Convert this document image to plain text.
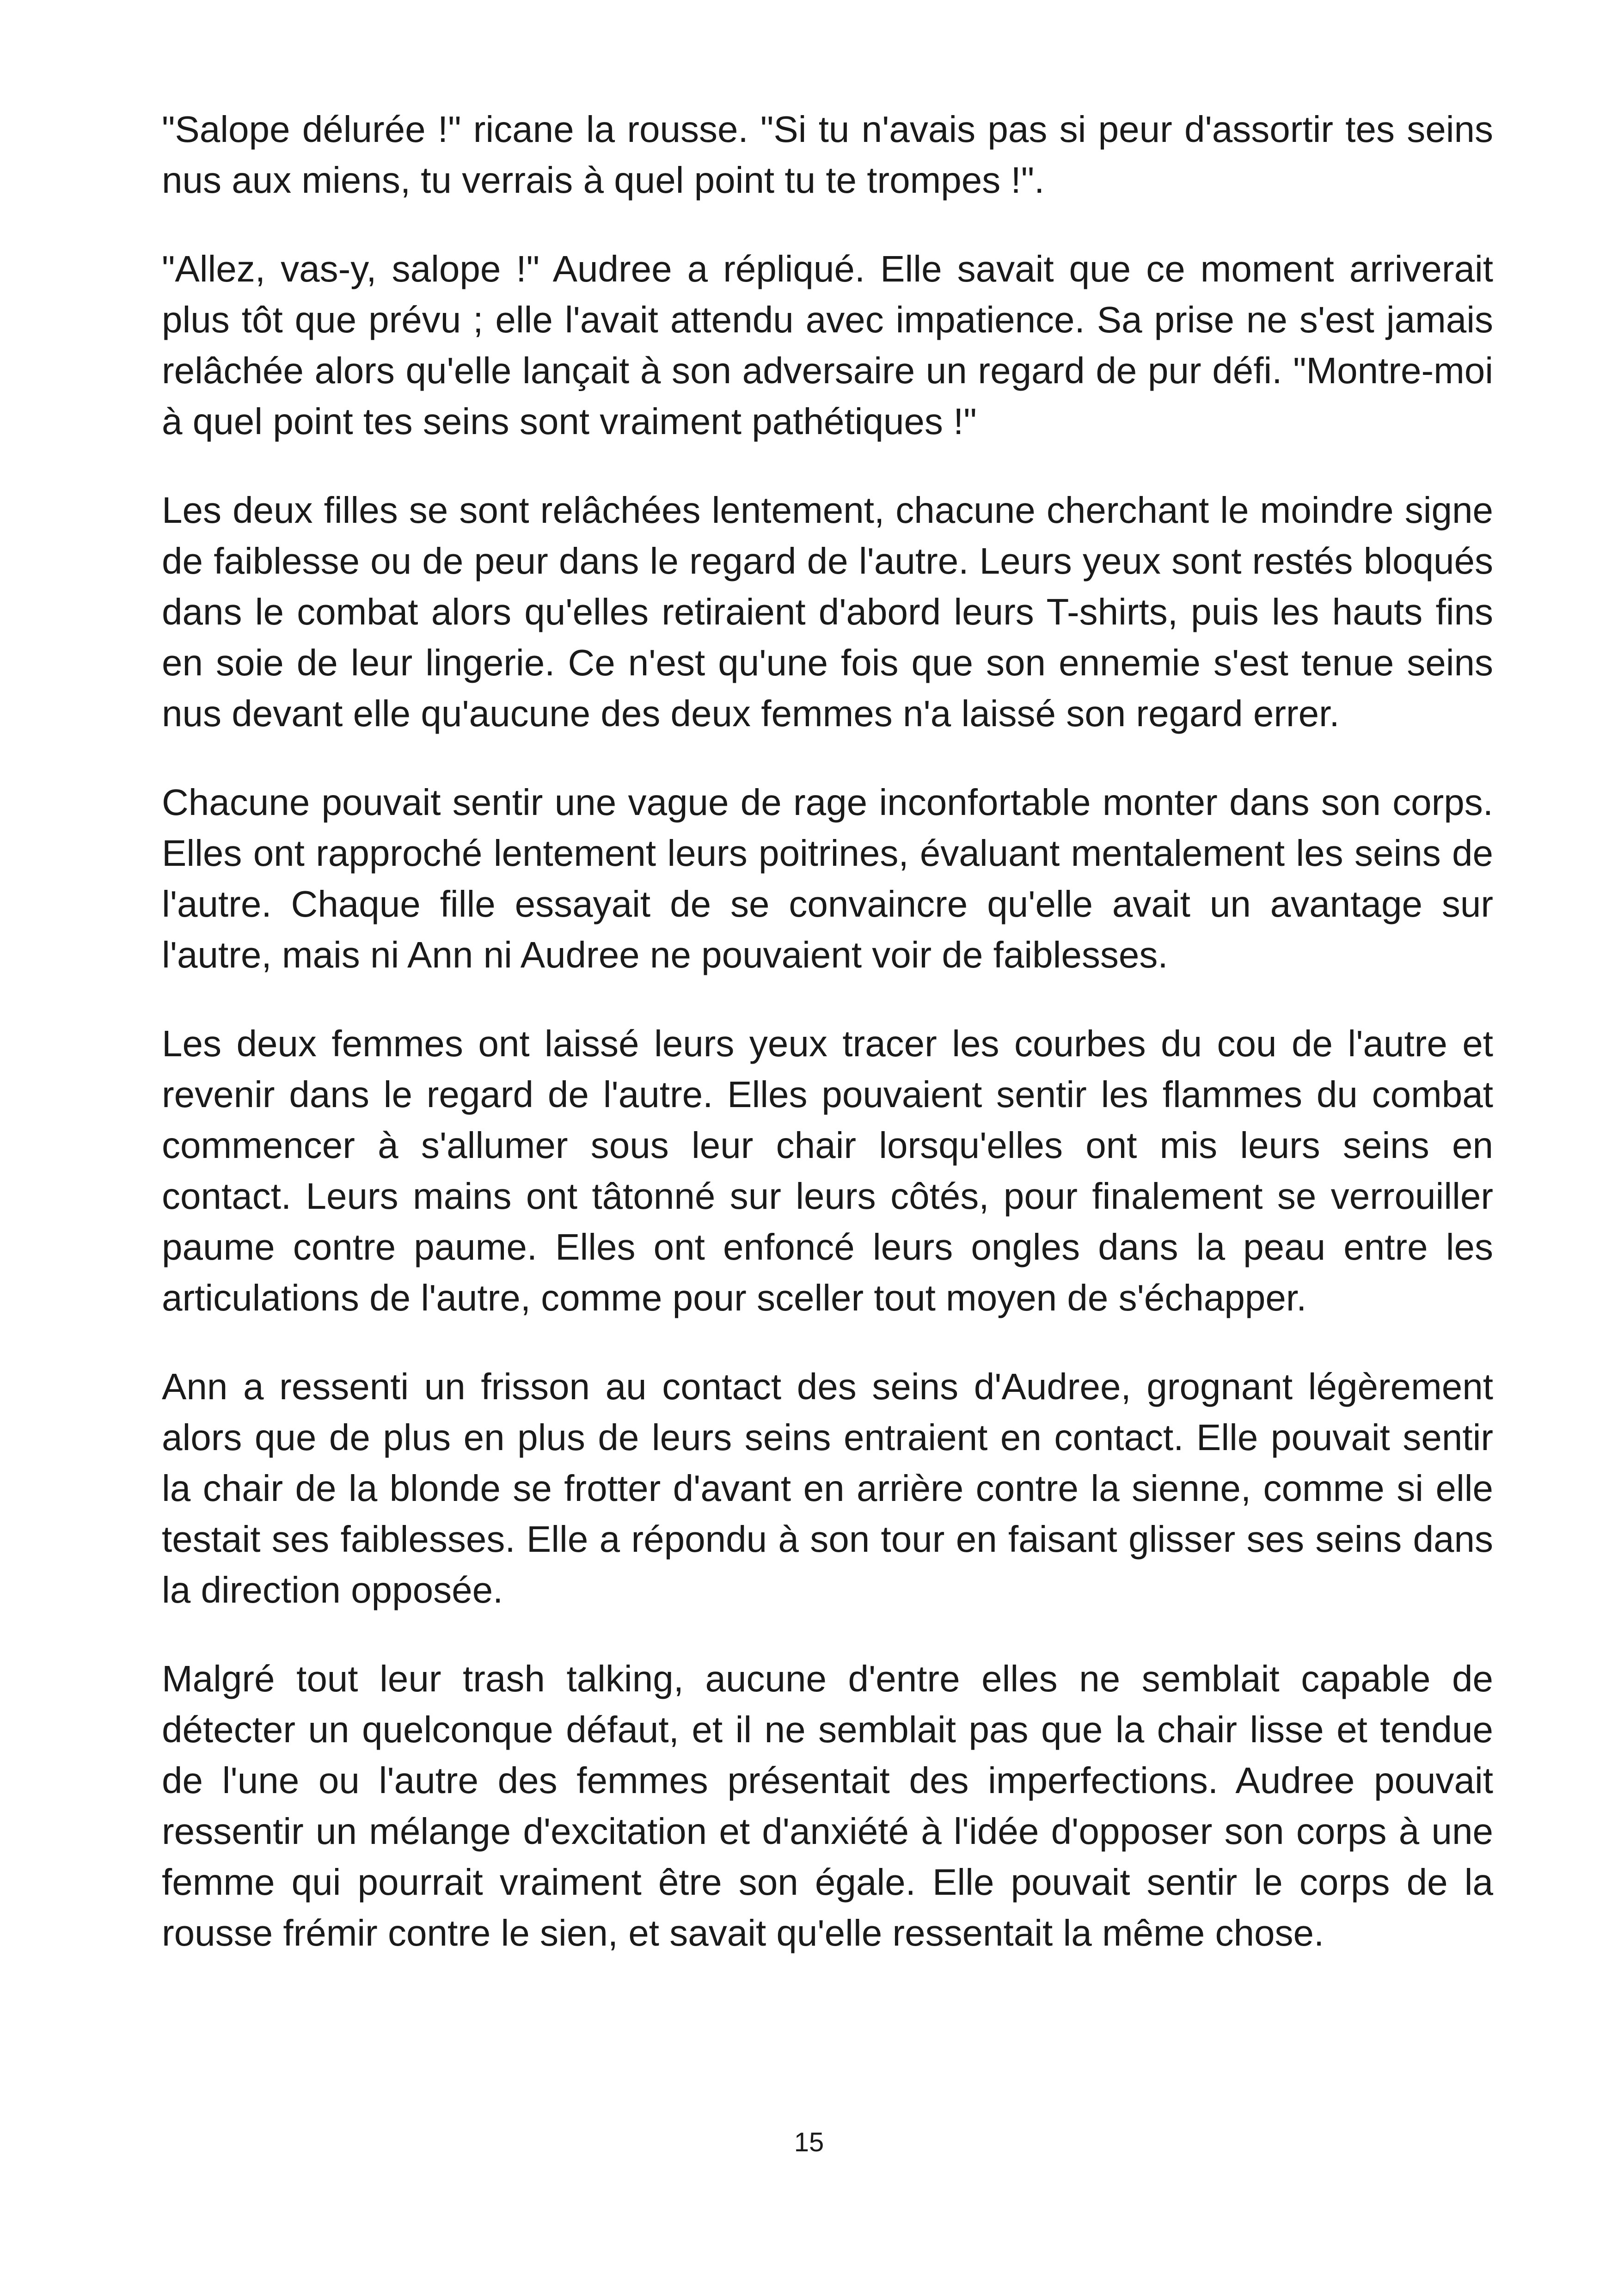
"Salope délurée !" ricane la rousse. "Si tu n'avais pas si peur d'assortir tes seins nus aux miens, tu verrais à quel point tu te trompes !".

"Allez, vas-y, salope !" Audree a répliqué. Elle savait que ce moment arriverait plus tôt que prévu ; elle l'avait attendu avec impatience. Sa prise ne s'est jamais relâchée alors qu'elle lançait à son adversaire un regard de pur défi. "Montre-moi à quel point tes seins sont vraiment pathétiques !"

Les deux filles se sont relâchées lentement, chacune cherchant le moindre signe de faiblesse ou de peur dans le regard de l'autre. Leurs yeux sont restés bloqués dans le combat alors qu'elles retiraient d'abord leurs T-shirts, puis les hauts fins en soie de leur lingerie. Ce n'est qu'une fois que son ennemie s'est tenue seins nus devant elle qu'aucune des deux femmes n'a laissé son regard errer.

Chacune pouvait sentir une vague de rage inconfortable monter dans son corps. Elles ont rapproché lentement leurs poitrines, évaluant mentalement les seins de l'autre. Chaque fille essayait de se convaincre qu'elle avait un avantage sur l'autre, mais ni Ann ni Audree ne pouvaient voir de faiblesses.

Les deux femmes ont laissé leurs yeux tracer les courbes du cou de l'autre et revenir dans le regard de l'autre. Elles pouvaient sentir les flammes du combat commencer à s'allumer sous leur chair lorsqu'elles ont mis leurs seins en contact. Leurs mains ont tâtonné sur leurs côtés, pour finalement se verrouiller paume contre paume. Elles ont enfoncé leurs ongles dans la peau entre les articulations de l'autre, comme pour sceller tout moyen de s'échapper.

Ann a ressenti un frisson au contact des seins d'Audree, grognant légèrement alors que de plus en plus de leurs seins entraient en contact. Elle pouvait sentir la chair de la blonde se frotter d'avant en arrière contre la sienne, comme si elle testait ses faiblesses. Elle a répondu à son tour en faisant glisser ses seins dans la direction opposée.

Malgré tout leur trash talking, aucune d'entre elles ne semblait capable de détecter un quelconque défaut, et il ne semblait pas que la chair lisse et tendue de l'une ou l'autre des femmes présentait des imperfections. Audree pouvait ressentir un mélange d'excitation et d'anxiété à l'idée d'opposer son corps à une femme qui pourrait vraiment être son égale. Elle pouvait sentir le corps de la rousse frémir contre le sien, et savait qu'elle ressentait la même chose.

15
